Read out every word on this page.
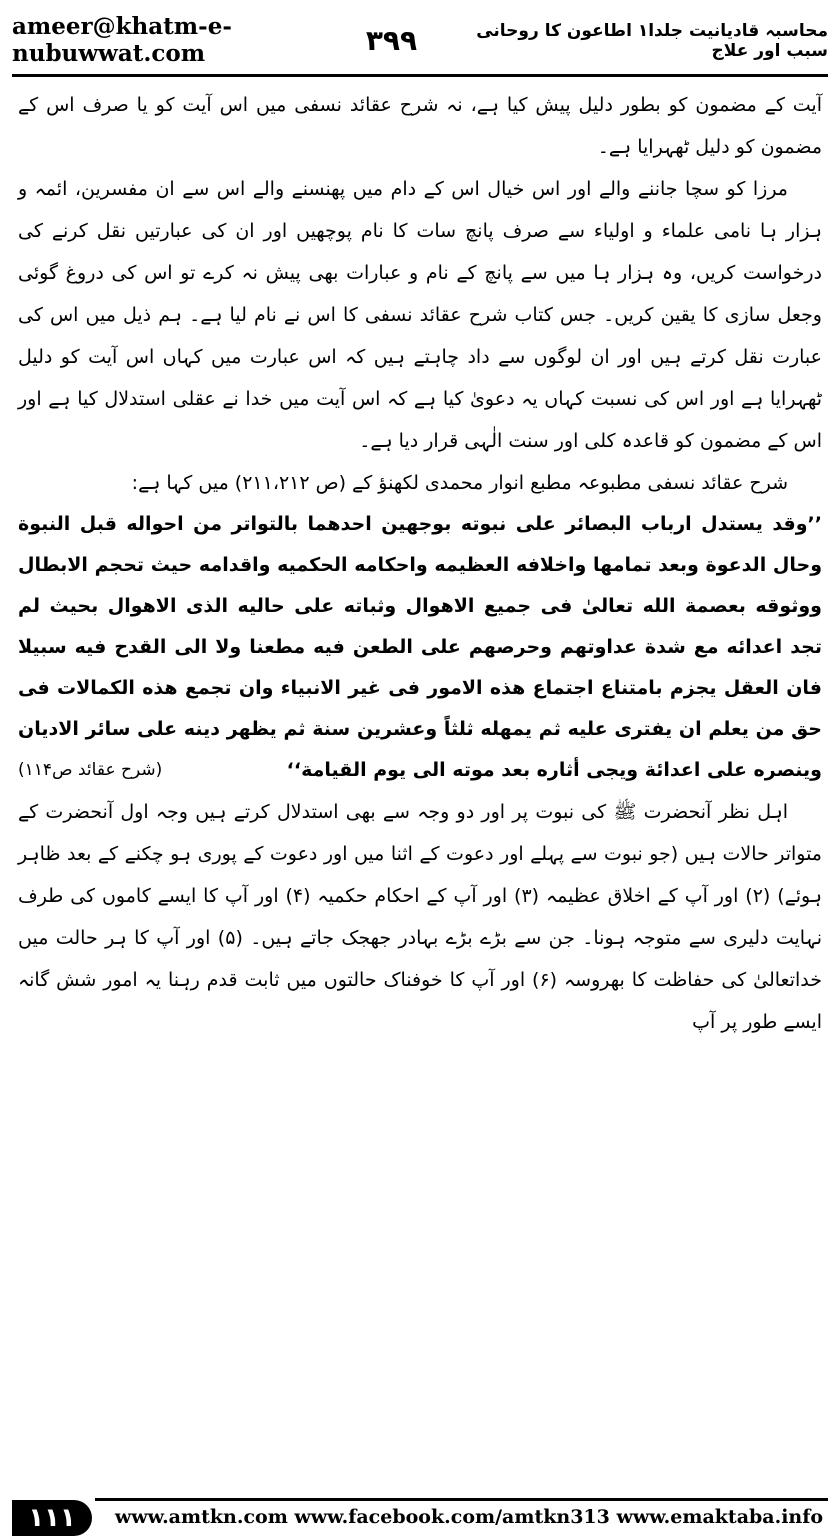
ameer@khatm-e-nubuwwat.com
محاسبہ قادیانیت جلدا۱ اطاعون کا روحانی سبب اور علاج
۳۹۹

آیت کے مضمون کو بطور دلیل پیش کیا ہے، نہ شرح عقائد نسفی میں اس آیت کو یا صرف اس کے مضمون کو دلیل ٹھہرایا ہے۔

مرزا کو سچا جاننے والے اور اس خیال اس کے دام میں پھنسنے والے اس سے ان مفسرین، ائمہ و ہزار ہا نامی علماء و اولیاء سے صرف پانچ سات کا نام پوچھیں اور ان کی عبارتیں نقل کرنے کی درخواست کریں، وہ ہزار ہا میں سے پانچ کے نام و عبارات بھی پیش نہ کرے تو اس کی دروغ گوئی وجعل سازی کا یقین کریں۔ جس کتاب شرح عقائد نسفی کا اس نے نام لیا ہے۔ ہم ذیل میں اس کی عبارت نقل کرتے ہیں اور ان لوگوں سے داد چاہتے ہیں کہ اس عبارت میں کہاں اس آیت کو دلیل ٹھہرایا ہے اور اس کی نسبت کہاں یہ دعویٰ کیا ہے کہ اس آیت میں خدا نے عقلی استدلال کیا ہے اور اس کے مضمون کو قاعدہ کلی اور سنت الٰہی قرار دیا ہے۔

شرح عقائد نسفی مطبوعہ مطبع انوار محمدی لکھنؤ کے (ص ۲۱۱،۲۱۲) میں کہا ہے:

’’وقد يستدل ارباب البصائر على نبوته بوجهين احدهما بالتواتر من احواله قبل النبوة وحال الدعوة وبعد تمامها واخلافه العظيمه واحكامه الحكميه واقدامه حيث تحجم الابطال ووثوقه بعصمة الله تعالىٰ فى جميع الاهوال وثباته على حاليه الذى الاهوال بحيث لم تجد اعدائه مع شدة عداوتهم وحرصهم على الطعن فيه مطعنا ولا الى القدح فيه سبيلا فان العقل يجزم بامتناع اجتماع هذه الامور فى غير الانبياء وان تجمع هذه الكمالات فى حق من يعلم ان يفترى عليه ثم يمهله ثلثاً وعشرين سنة ثم يظهر دينه على سائر الاديان وينصره على اعدائة ويجى أثاره بعد موته الى يوم القيامة‘‘
(شرح عقائد ص۱۱۴)

اہل نظر آنحضرت ﷺ کی نبوت پر اور دو وجہ سے بھی استدلال کرتے ہیں وجہ اول آنحضرت کے متواتر حالات ہیں (جو نبوت سے پہلے اور دعوت کے اثنا میں اور دعوت کے پوری ہو چکنے کے بعد ظاہر ہوئے) (۲) اور آپ کے اخلاق عظیمہ (۳) اور آپ کے احکام حکمیہ (۴) اور آپ کا ایسے کاموں کی طرف نہایت دلیری سے متوجہ ہونا۔ جن سے بڑے بڑے بہادر جھجک جاتے ہیں۔ (۵) اور آپ کا ہر حالت میں خداتعالیٰ کی حفاظت کا بھروسہ (۶) اور آپ کا خوفناک حالتوں میں ثابت قدم رہنا یہ امور شش گانہ ایسے طور پر آپ

۱۱۱	www.amtkn.com www.facebook.com/amtkn313 www.emaktaba.info
